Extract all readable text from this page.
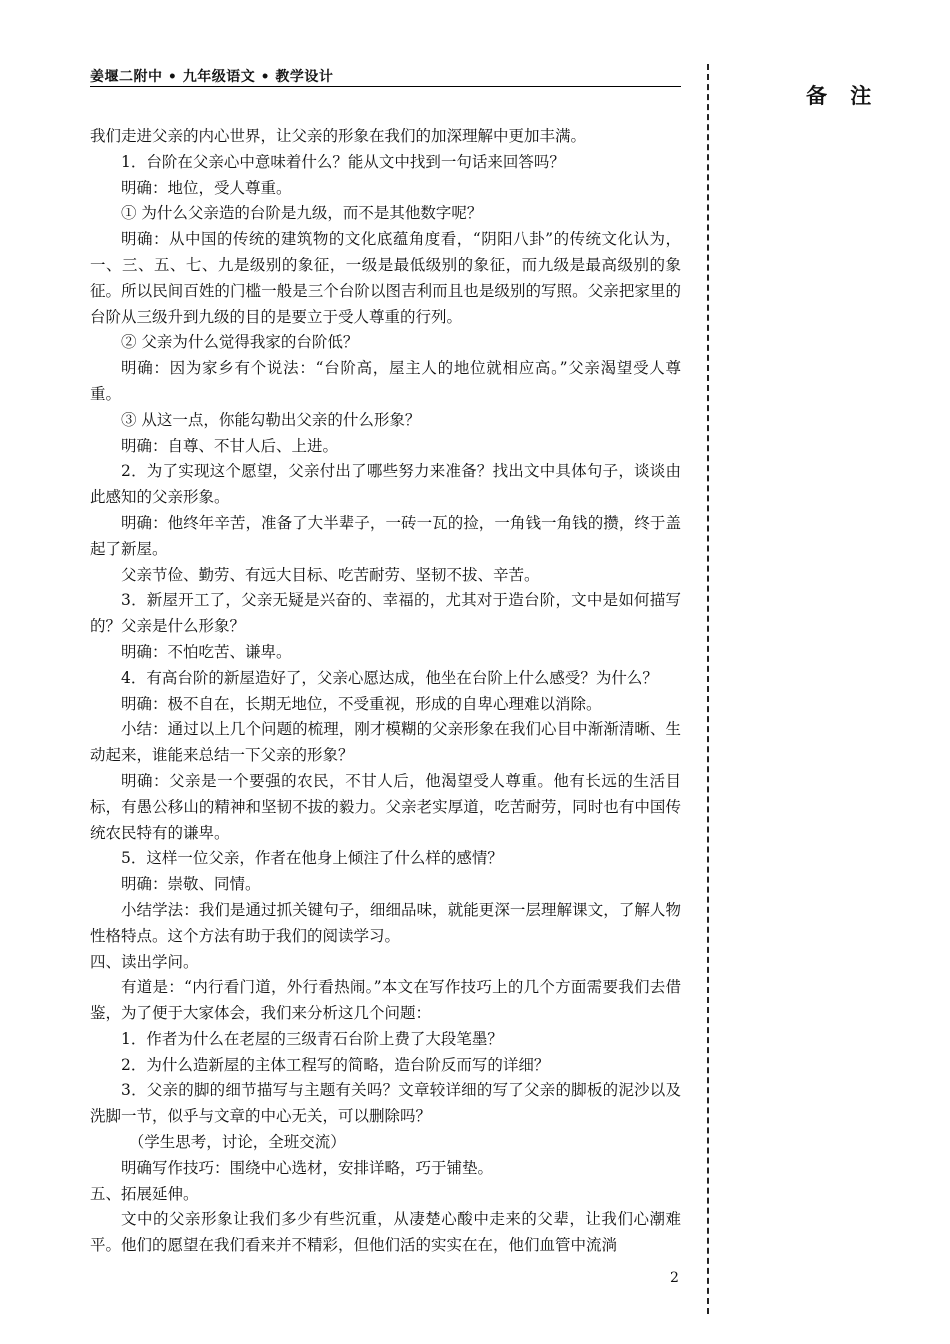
姜堰二附中 • 九年级语文 • 教学设计
备 注

我们走进父亲的内心世界，让父亲的形象在我们的加深理解中更加丰满。

1．台阶在父亲心中意味着什么？能从文中找到一句话来回答吗？

明确：地位，受人尊重。

① 为什么父亲造的台阶是九级，而不是其他数字呢？

明确：从中国的传统的建筑物的文化底蕴角度看，“阴阳八卦”的传统文化认为，一、三、五、七、九是级别的象征，一级是最低级别的象征，而九级是最高级别的象征。所以民间百姓的门槛一般是三个台阶以图吉利而且也是级别的写照。父亲把家里的台阶从三级升到九级的目的是要立于受人尊重的行列。

② 父亲为什么觉得我家的台阶低？

明确：因为家乡有个说法：“台阶高，屋主人的地位就相应高。”父亲渴望受人尊重。

③ 从这一点，你能勾勒出父亲的什么形象？

明确：自尊、不甘人后、上进。

2．为了实现这个愿望，父亲付出了哪些努力来准备？找出文中具体句子，谈谈由此感知的父亲形象。

明确：他终年辛苦，准备了大半辈子，一砖一瓦的捡，一角钱一角钱的攒，终于盖起了新屋。

父亲节俭、勤劳、有远大目标、吃苦耐劳、坚韧不拔、辛苦。

3．新屋开工了，父亲无疑是兴奋的、幸福的，尤其对于造台阶，文中是如何描写的？父亲是什么形象？

明确：不怕吃苦、谦卑。

4．有高台阶的新屋造好了，父亲心愿达成，他坐在台阶上什么感受？为什么？

明确：极不自在，长期无地位，不受重视，形成的自卑心理难以消除。

小结：通过以上几个问题的梳理，刚才模糊的父亲形象在我们心目中渐渐清晰、生动起来，谁能来总结一下父亲的形象？

明确：父亲是一个要强的农民，不甘人后，他渴望受人尊重。他有长远的生活目标，有愚公移山的精神和坚韧不拔的毅力。父亲老实厚道，吃苦耐劳，同时也有中国传统农民特有的谦卑。

5．这样一位父亲，作者在他身上倾注了什么样的感情？

明确：崇敬、同情。

小结学法：我们是通过抓关键句子，细细品味，就能更深一层理解课文，了解人物性格特点。这个方法有助于我们的阅读学习。

四、读出学问。

有道是：“内行看门道，外行看热闹。”本文在写作技巧上的几个方面需要我们去借鉴，为了便于大家体会，我们来分析这几个问题：

1．作者为什么在老屋的三级青石台阶上费了大段笔墨？

2．为什么造新屋的主体工程写的简略，造台阶反而写的详细？

3．父亲的脚的细节描写与主题有关吗？文章较详细的写了父亲的脚板的泥沙以及洗脚一节，似乎与文章的中心无关，可以删除吗？

（学生思考，讨论，全班交流）

明确写作技巧：围绕中心选材，安排详略，巧于铺垫。

五、拓展延伸。

文中的父亲形象让我们多少有些沉重，从凄楚心酸中走来的父辈，让我们心潮难平。他们的愿望在我们看来并不精彩，但他们活的实实在在，他们血管中流淌

2
